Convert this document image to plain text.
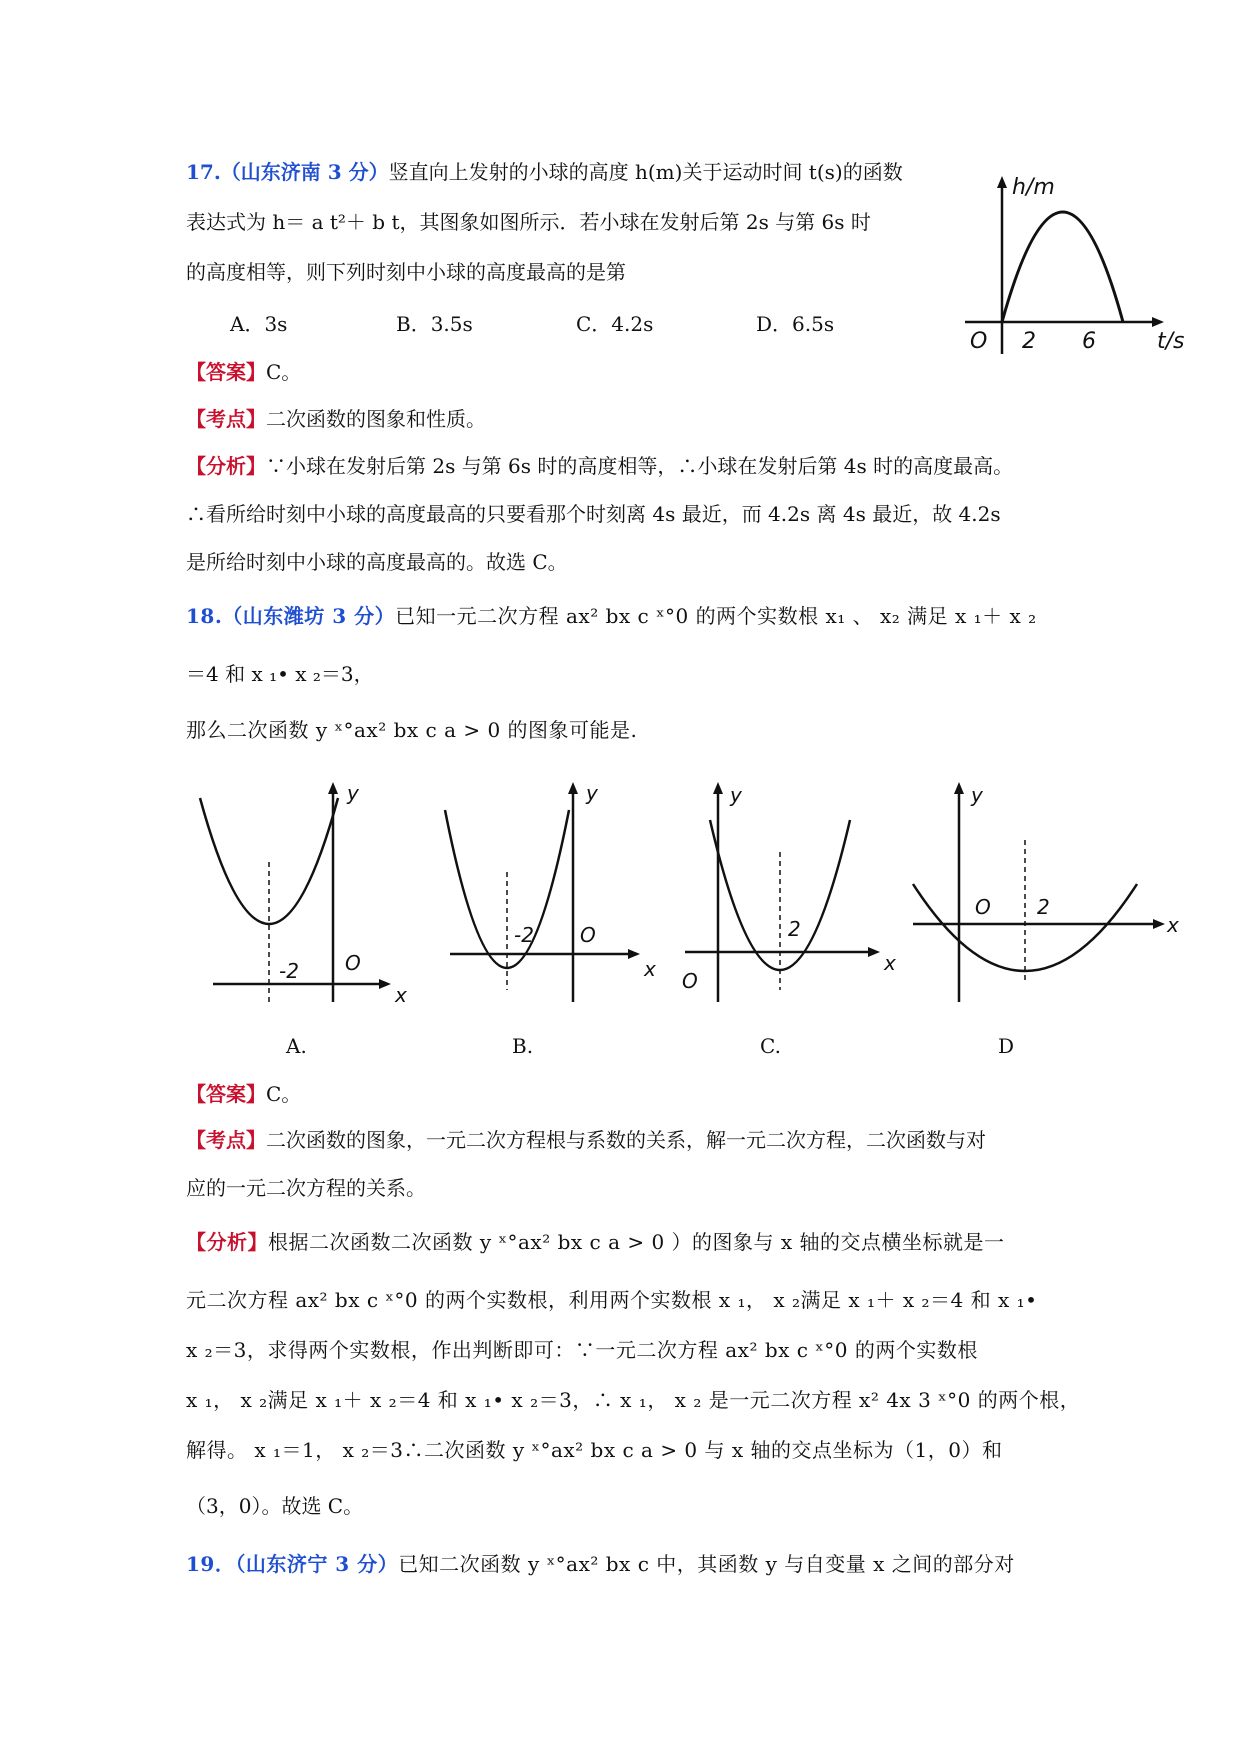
17.（山东济南 3 分）竖直向上发射的小球的高度 h(m)关于运动时间 t(s)的函数
表达式为 h＝ a t²＋ b t，其图象如图所示．若小球在发射后第 2s 与第 6s 时
的高度相等，则下列时刻中小球的高度最高的是第
A．3s	B．3.5s	C．4.2s	D．6.5s
h/m
t/s
O 2 6
【答案】C。
【考点】二次函数的图象和性质。
【分析】∵小球在发射后第 2s 与第 6s 时的高度相等，∴小球在发射后第 4s 时的高度最高。
∴看所给时刻中小球的高度最高的只要看那个时刻离 4s 最近，而 4.2s 离 4s 最近，故 4.2s
是所给时刻中小球的高度最高的。故选 C。
18.（山东潍坊 3 分）已知一元二次方程 ax² bx c ˣ°0 的两个实数根 x₁ 、 x₂ 满足 x ₁＋ x ₂
＝4 和 x ₁• x ₂＝3，
那么二次函数 y ˣ°ax² bx c a > 0 的图象可能是.
y
x
O
-2
y
x
O
-2
y
x
O
2
y
x
O 2
A.	B.	C.	D
【答案】C。
【考点】二次函数的图象，一元二次方程根与系数的关系，解一元二次方程，二次函数与对
应的一元二次方程的关系。
【分析】根据二次函数二次函数 y ˣ°ax² bx c a > 0 ）的图象与 x 轴的交点横坐标就是一
元二次方程 ax² bx c ˣ°0 的两个实数根，利用两个实数根 x ₁， x ₂满足 x ₁＋ x ₂＝4 和 x ₁•
x ₂＝3，求得两个实数根，作出判断即可：∵一元二次方程 ax² bx c ˣ°0 的两个实数根
x ₁， x ₂满足 x ₁＋ x ₂＝4 和 x ₁• x ₂＝3，∴ x ₁， x ₂ 是一元二次方程 x² 4x 3 ˣ°0 的两个根，
解得。 x ₁＝1， x ₂＝3∴二次函数 y ˣ°ax² bx c a > 0 与 x 轴的交点坐标为（1，0）和
（3，0）。故选 C。
19．（山东济宁 3 分）已知二次函数 y ˣ°ax² bx c 中，其函数 y 与自变量 x 之间的部分对
